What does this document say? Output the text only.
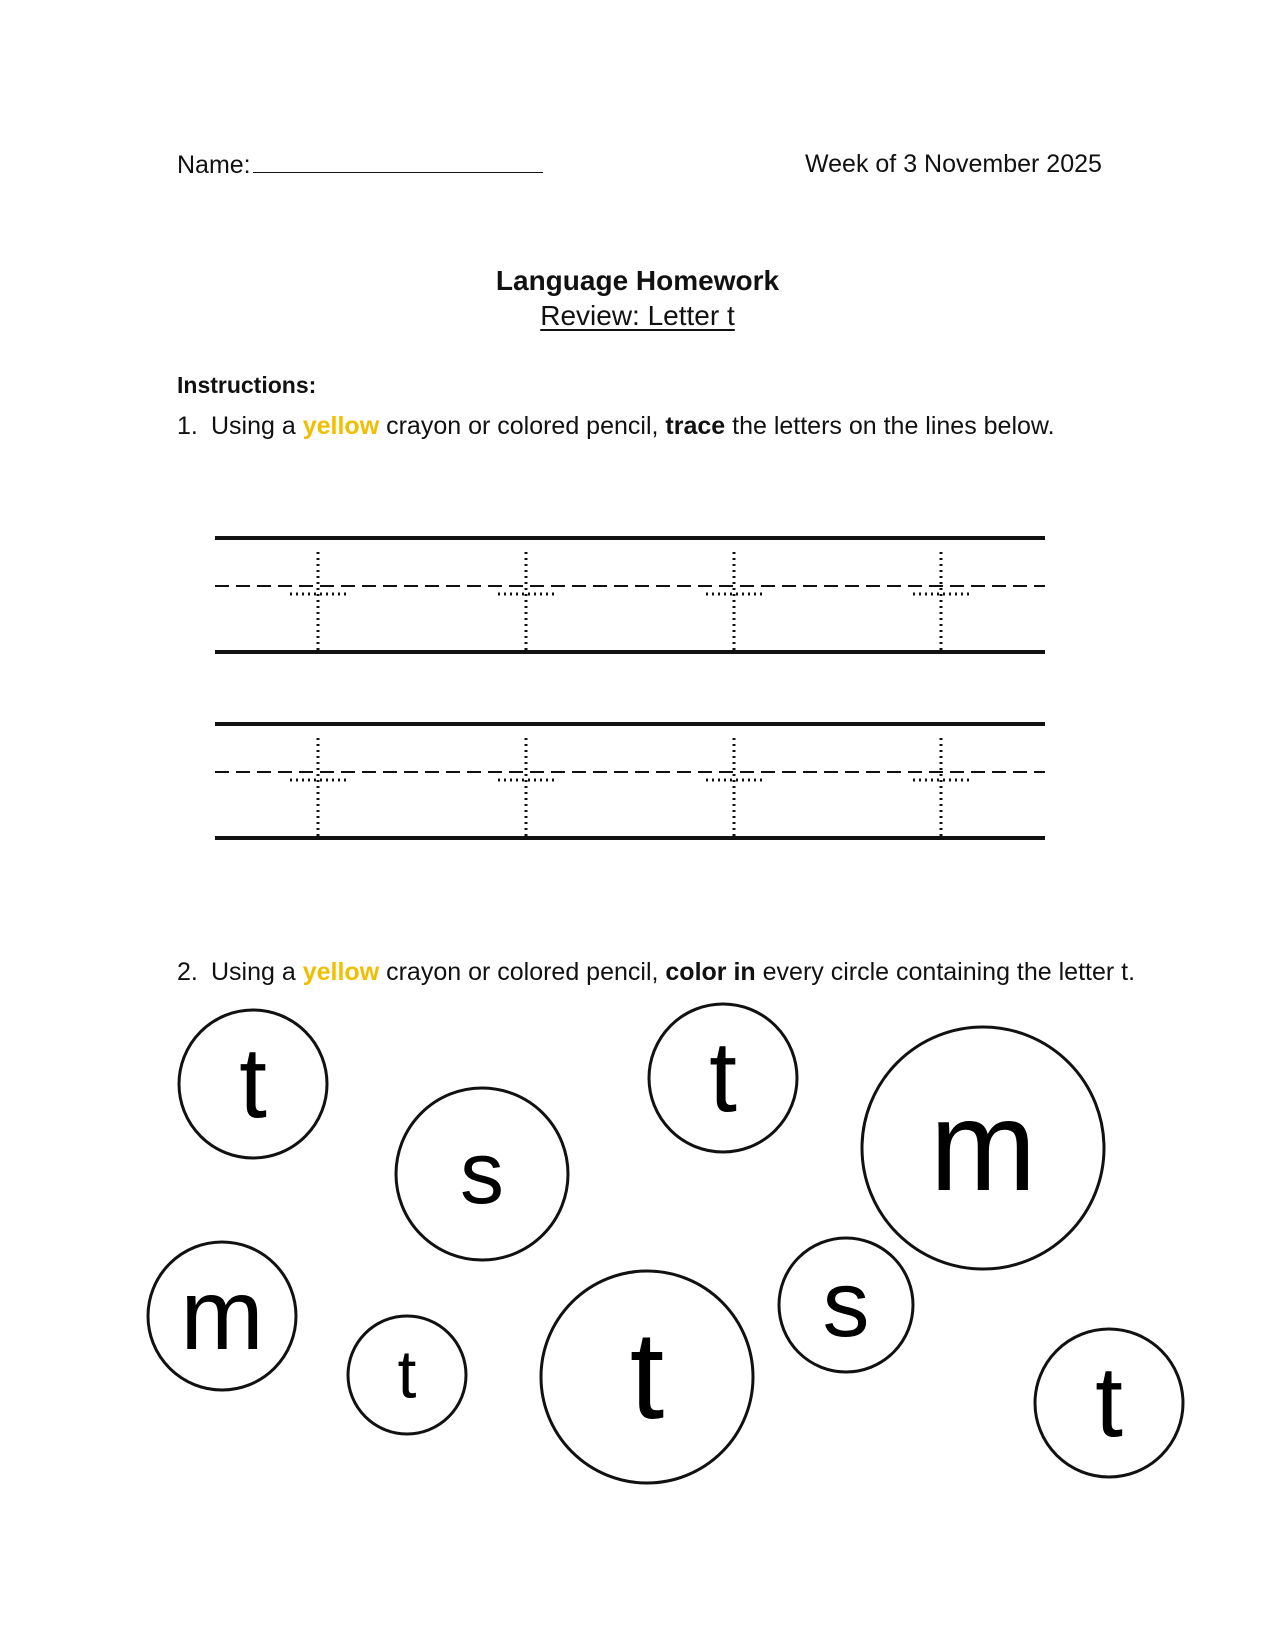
Name:	Week of 3 November 2025
Language Homework
Review: Letter t
Instructions:
1. Using a yellow crayon or colored pencil, trace the letters on the lines below.
2. Using a yellow crayon or colored pencil, color in every circle containing the letter t.
t
s
t m
m
t t
s
t
